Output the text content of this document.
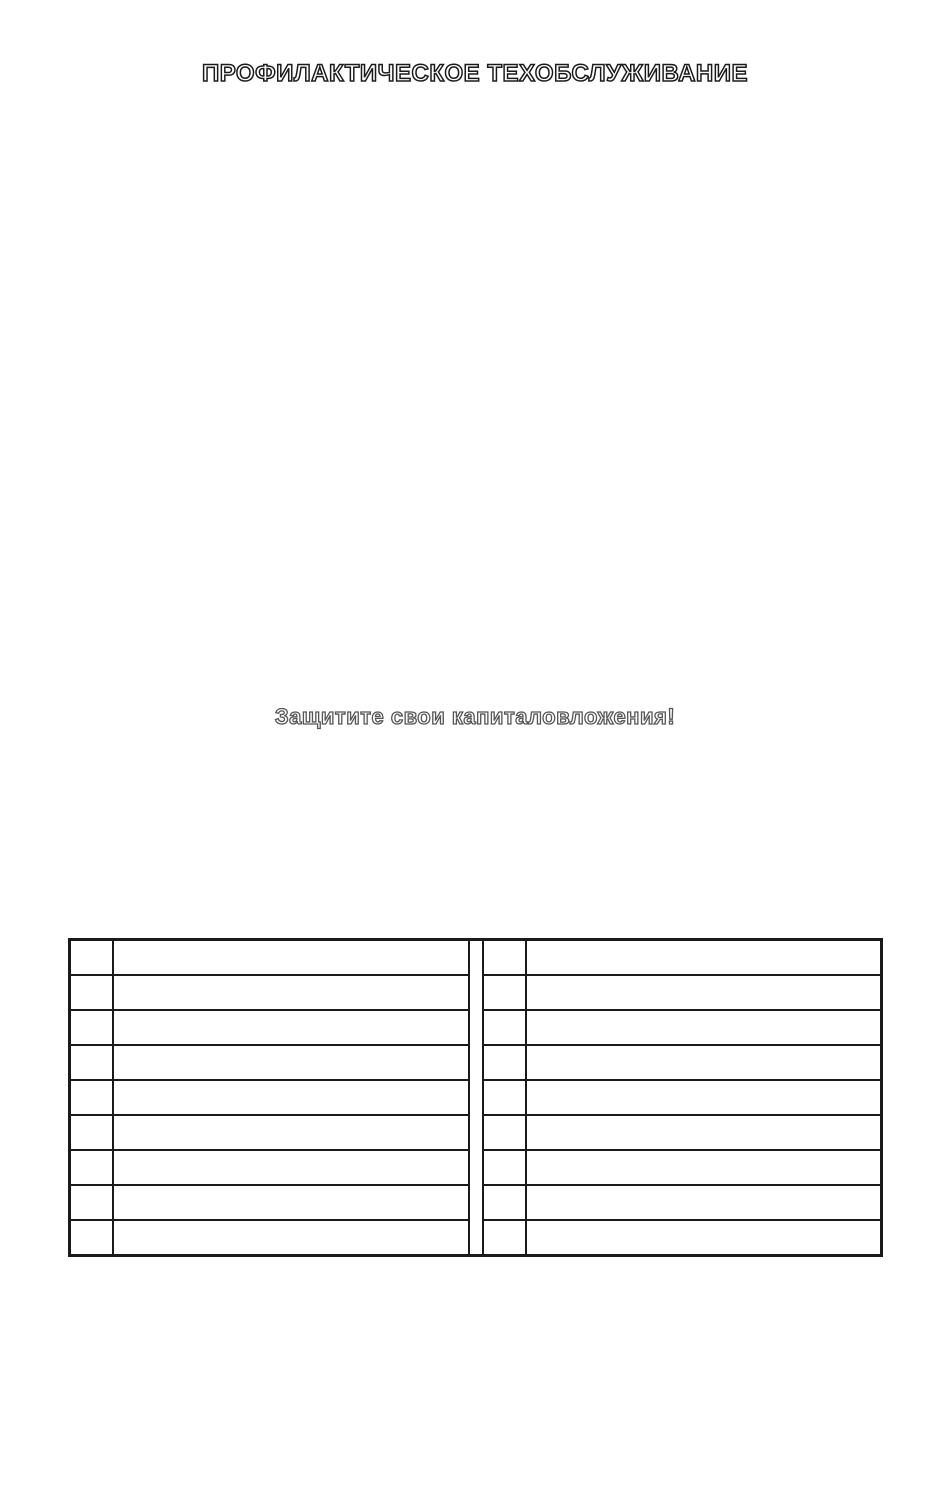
ПРОФИЛАКТИЧЕСКОЕ ТЕХОБСЛУЖИВАНИЕ

Защитите свои капиталовложения!
